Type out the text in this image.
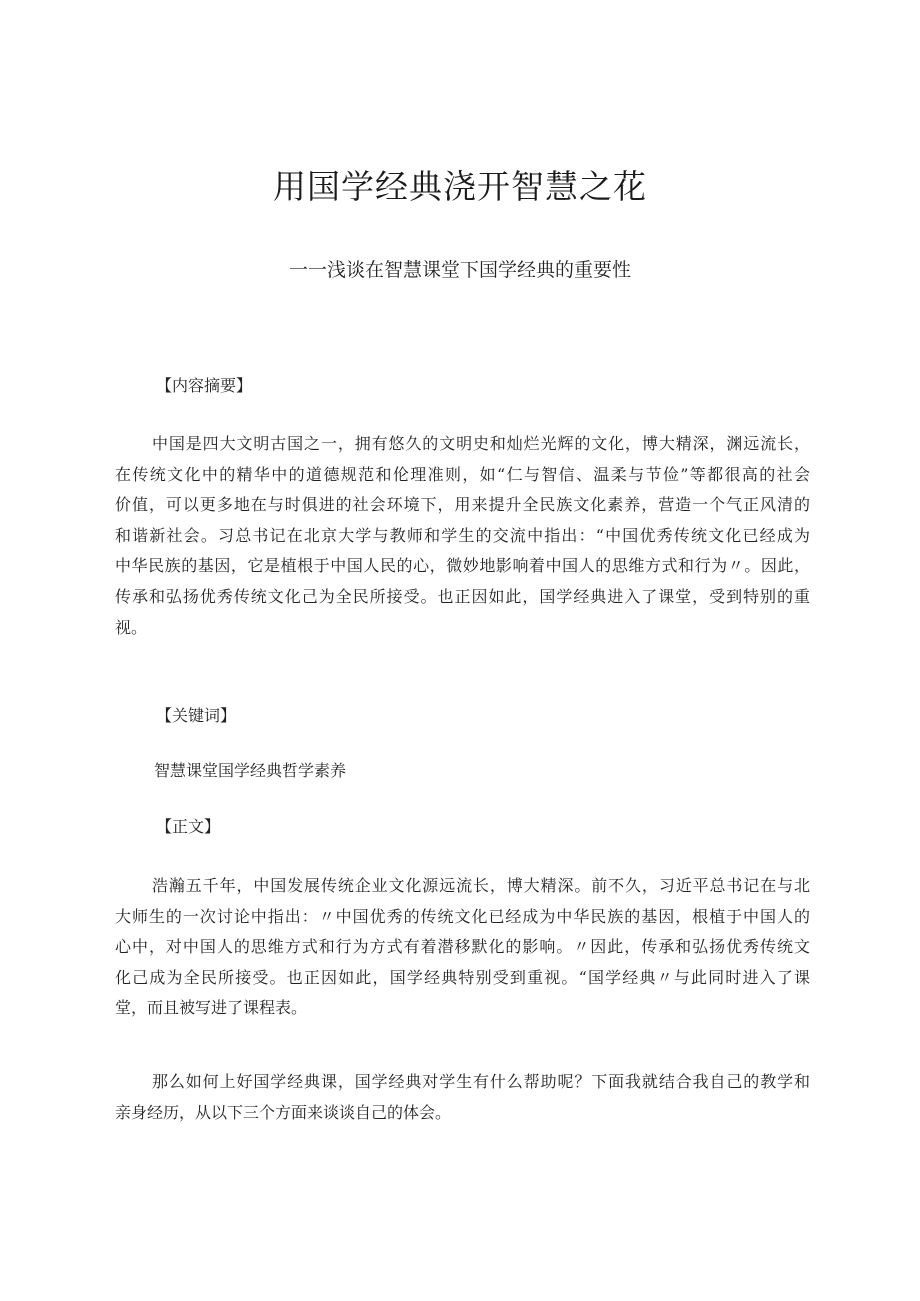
用国学经典浇开智慧之花
一一浅谈在智慧课堂下国学经典的重要性
【内容摘要】
中国是四大文明古国之一，拥有悠久的文明史和灿烂光辉的文化，博大精深，渊远流长，
在传统文化中的精华中的道德规范和伦理准则，如“仁与智信、温柔与节俭”等都很高的社会
价值，可以更多地在与时俱进的社会环境下，用来提升全民族文化素养，营造一个气正风清的
和谐新社会。习总书记在北京大学与教师和学生的交流中指出：“中国优秀传统文化已经成为
中华民族的基因，它是植根于中国人民的心，微妙地影响着中国人的思维方式和行为〃。因此，
传承和弘扬优秀传统文化己为全民所接受。也正因如此，国学经典进入了课堂，受到特别的重
视。
【关键词】
智慧课堂国学经典哲学素养
【正文】
浩瀚五千年，中国发展传统企业文化源远流长，博大精深。前不久，习近平总书记在与北
大师生的一次讨论中指出：〃中国优秀的传统文化已经成为中华民族的基因，根植于中国人的
心中，对中国人的思维方式和行为方式有着潜移默化的影响。〃因此，传承和弘扬优秀传统文
化己成为全民所接受。也正因如此，国学经典特别受到重视。“国学经典〃与此同时进入了课
堂，而且被写进了课程表。
那么如何上好国学经典课，国学经典对学生有什么帮助呢？下面我就结合我自己的教学和
亲身经历，从以下三个方面来谈谈自己的体会。
